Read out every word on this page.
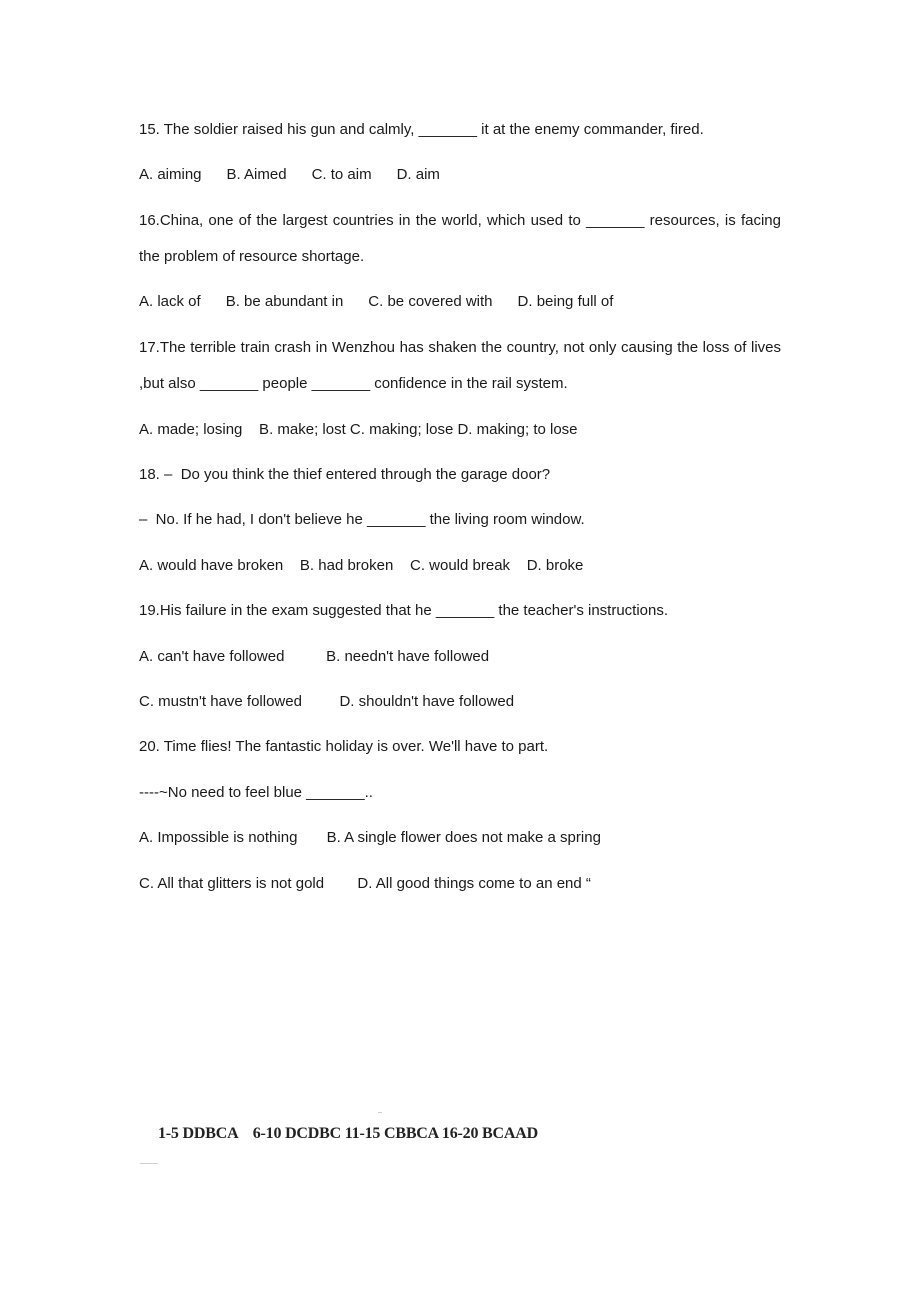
15. The soldier raised his gun and calmly, _______ it at the enemy commander, fired.
A. aiming      B. Aimed      C. to aim      D. aim
16.China, one of the largest countries in the world, which used to _______ resources, is facing
the problem of resource shortage.
A. lack of      B. be abundant in      C. be covered with      D. being full of
17.The terrible train crash in Wenzhou has shaken the country, not only causing the loss of lives
,but also _______ people _______ confidence in the rail system.
A. made; losing    B. make; lost C. making; lose D. making; to lose
18. –  Do you think the thief entered through the garage door?
–  No. If he had, I don't believe he _______ the living room window.
A. would have broken    B. had broken    C. would break    D. broke
19.His failure in the exam suggested that he _______ the teacher's instructions.
A. can't have followed          B. needn't have followed
C. mustn't have followed         D. shouldn't have followed
20. Time flies! The fantastic holiday is over. We'll have to part.
----~No need to feel blue _______..
A. Impossible is nothing       B. A single flower does not make a spring
C. All that glitters is not gold        D. All good things come to an end “
1-5 DDBCA    6-10 DCDBC 11-15 CBBCA 16-20 BCAAD
